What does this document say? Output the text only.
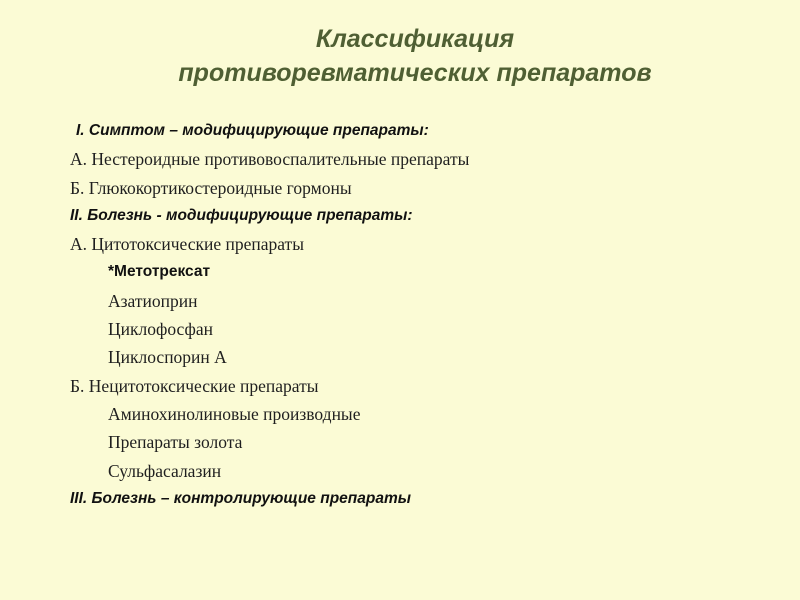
Классификация
противоревматических препаратов
I. Симптом – модифицирующие препараты:
А. Нестероидные противовоспалительные препараты
Б. Глюкокортикостероидные гормоны
II. Болезнь - модифицирующие препараты:
А. Цитотоксические препараты
*Метотрексат
Азатиоприн
Циклофосфан
Циклоспорин А
Б. Нецитотоксические препараты
Аминохинолиновые производные
Препараты золота
Сульфасалазин
III. Болезнь – контролирующие препараты
